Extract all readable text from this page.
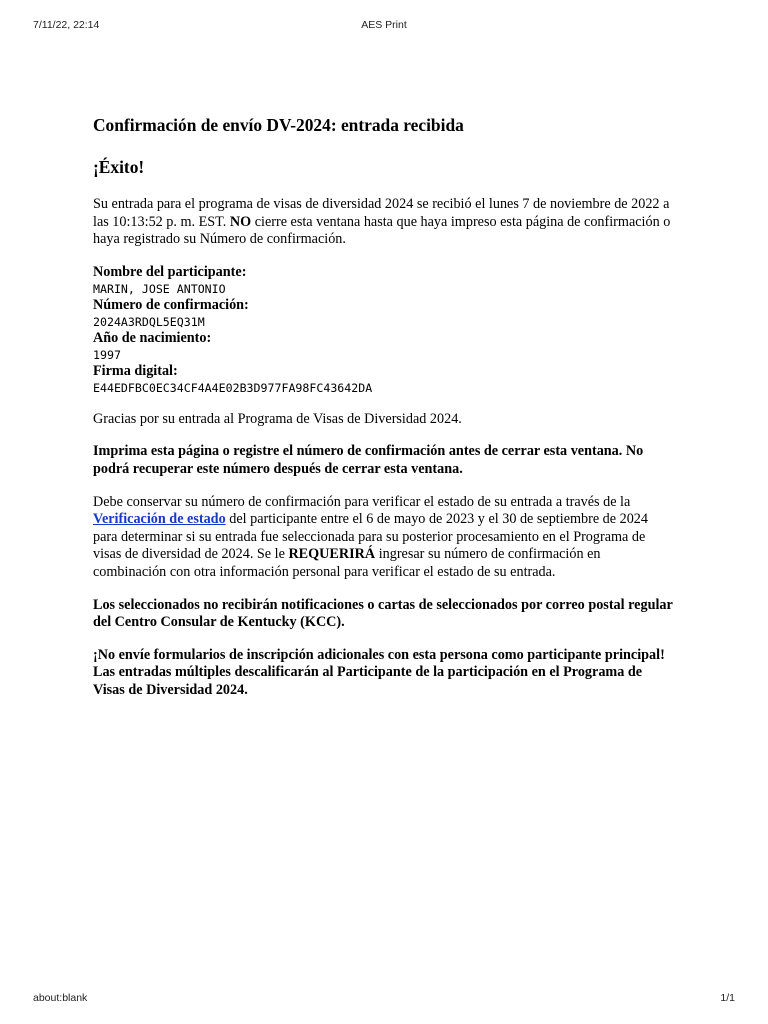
7/11/22, 22:14	AES Print
Confirmación de envío DV-2024: entrada recibida
¡Éxito!

Su entrada para el programa de visas de diversidad 2024 se recibió el lunes 7 de noviembre de 2022 a las 10:13:52 p. m. EST. NO cierre esta ventana hasta que haya impreso esta página de confirmación o haya registrado su Número de confirmación.

Nombre del participante:
MARIN, JOSE ANTONIO
Número de confirmación:
2024A3RDQL5EQ31M
Año de nacimiento:
1997
Firma digital:
E44EDFBC0EC34CF4A4E02B3D977FA98FC43642DA

Gracias por su entrada al Programa de Visas de Diversidad 2024.

Imprima esta página o registre el número de confirmación antes de cerrar esta ventana. No podrá recuperar este número después de cerrar esta ventana.

Debe conservar su número de confirmación para verificar el estado de su entrada a través de la Verificación de estado del participante entre el 6 de mayo de 2023 y el 30 de septiembre de 2024 para determinar si su entrada fue seleccionada para su posterior procesamiento en el Programa de visas de diversidad de 2024. Se le REQUERIRÁ ingresar su número de confirmación en combinación con otra información personal para verificar el estado de su entrada.

Los seleccionados no recibirán notificaciones o cartas de seleccionados por correo postal regular del Centro Consular de Kentucky (KCC).

¡No envíe formularios de inscripción adicionales con esta persona como participante principal! Las entradas múltiples descalificarán al Participante de la participación en el Programa de Visas de Diversidad 2024.

about:blank	1/1
